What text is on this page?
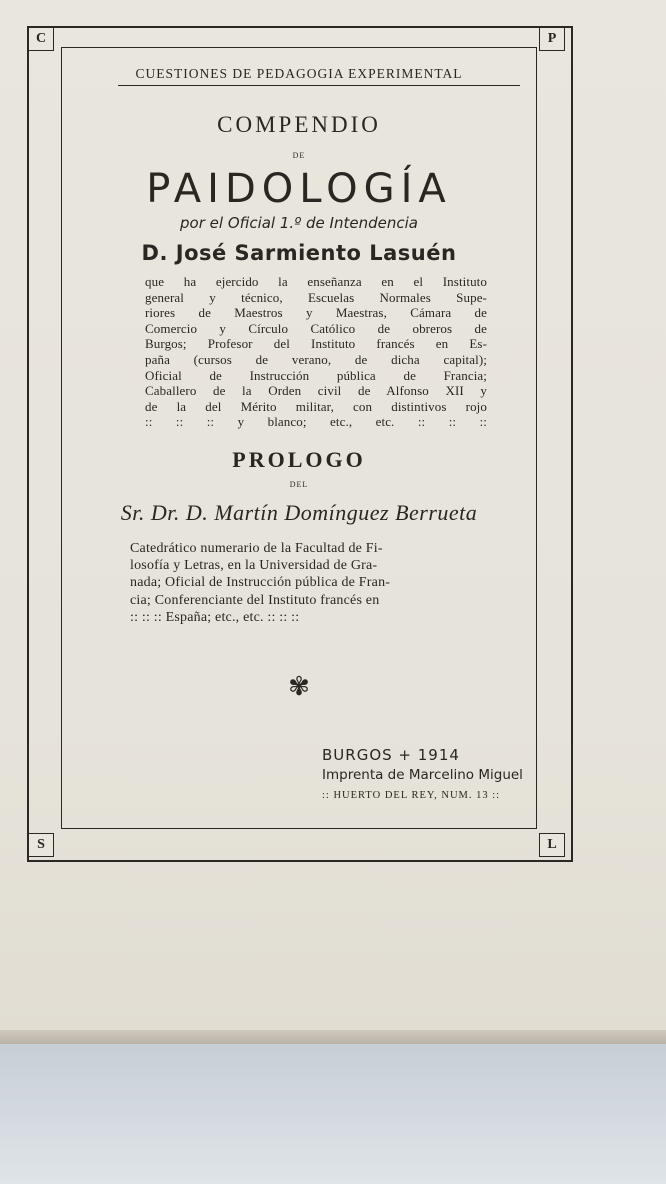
C	P
S	L
CUESTIONES DE PEDAGOGIA EXPERIMENTAL
COMPENDIO
DE
PAIDOLOGÍA
por el Oficial 1.º de Intendencia
D. José Sarmiento Lasuén
que ha ejercido la enseñanza en el Instituto
general y técnico, Escuelas Normales Supe-
riores de Maestros y Maestras, Cámara de
Comercio y Círculo Católico de obreros de
Burgos; Profesor del Instituto francés en Es-
paña (cursos de verano, de dicha capital);
Oficial de Instrucción pública de Francia;
Caballero de la Orden civil de Alfonso XII y
de la del Mérito militar, con distintivos rojo
:: :: :: y blanco; etc., etc. :: :: ::
PROLOGO
DEL
Sr. Dr. D. Martín Domínguez Berrueta
Catedrático numerario de la Facultad de Fi-
losofía y Letras, en la Universidad de Gra-
nada; Oficial de Instrucción pública de Fran-
cia; Conferenciante del Instituto francés en
:: :: :: España; etc., etc. :: :: ::
✾
BURGOS + 1914
Imprenta de Marcelino Miguel
:: HUERTO DEL REY, NUM. 13 ::
